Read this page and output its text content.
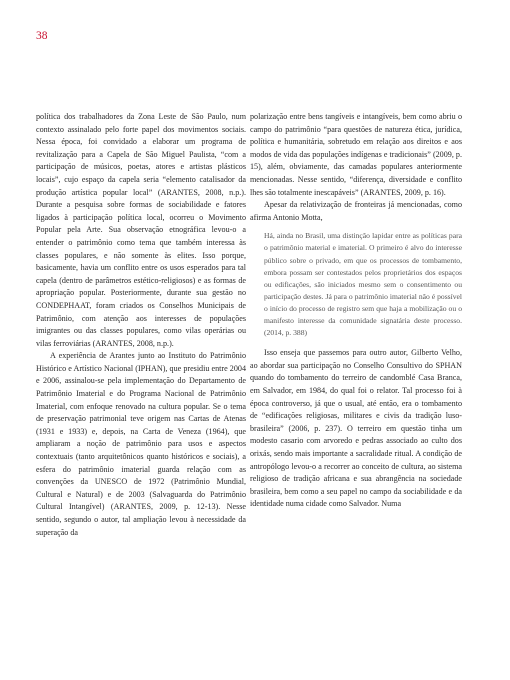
38

política dos trabalhadores da Zona Leste de São Paulo, num contexto assinalado pelo forte papel dos movimentos sociais. Nessa época, foi convidado a elaborar um programa de revitalização para a Capela de São Miguel Paulista, “com a participação de músicos, poetas, atores e artistas plásticos locais”, cujo espaço da capela seria “elemento catalisador da produção artística popular local” (ARANTES, 2008, n.p.). Durante a pesquisa sobre formas de sociabilidade e fatores ligados à participação política local, ocorreu o Movimento Popular pela Arte. Sua observação etnográfica levou-o a entender o patrimônio como tema que também interessa às classes populares, e não somente às elites. Isso porque, basicamente, havia um conflito entre os usos esperados para tal capela (dentro de parâmetros estético-religiosos) e as formas de apropriação popular. Posteriormente, durante sua gestão no CONDEPHAAT, foram criados os Conselhos Municipais de Patrimônio, com atenção aos interesses de populações imigrantes ou das classes populares, como vilas operárias ou vilas ferroviárias (ARANTES, 2008, n.p.).

A experiência de Arantes junto ao Instituto do Patrimônio Histórico e Artístico Nacional (IPHAN), que presidiu entre 2004 e 2006, assinalou-se pela implementação do Departamento de Patrimônio Imaterial e do Programa Nacional de Patrimônio Imaterial, com enfoque renovado na cultura popular. Se o tema de preservação patrimonial teve origem nas Cartas de Atenas (1931 e 1933) e, depois, na Carta de Veneza (1964), que ampliaram a noção de patrimônio para usos e aspectos contextuais (tanto arquitetônicos quanto históricos e sociais), a esfera do patrimônio imaterial guarda relação com as convenções da UNESCO de 1972 (Patrimônio Mundial, Cultural e Natural) e de 2003 (Salvaguarda do Patrimônio Cultural Intangível) (ARANTES, 2009, p. 12-13). Nesse sentido, segundo o autor, tal ampliação levou à necessidade da superação da

polarização entre bens tangíveis e intangíveis, bem como abriu o campo do patrimônio “para questões de natureza ética, jurídica, política e humanitária, sobretudo em relação aos direitos e aos modos de vida das populações indígenas e tradicionais” (2009, p. 15), além, obviamente, das camadas populares anteriormente mencionadas. Nesse sentido, “diferença, diversidade e conflito lhes são totalmente inescapáveis” (ARANTES, 2009, p. 16).

Apesar da relativização de fronteiras já mencionadas, como afirma Antonio Motta,

Há, ainda no Brasil, uma distinção lapidar entre as políticas para o patrimônio material e imaterial. O primeiro é alvo do interesse público sobre o privado, em que os processos de tombamento, embora possam ser contestados pelos proprietários dos espaços ou edificações, são iniciados mesmo sem o consentimento ou participação destes. Já para o patrimônio imaterial não é possível o início do processo de registro sem que haja a mobilização ou o manifesto interesse da comunidade signatária deste processo. (2014, p. 388)

Isso enseja que passemos para outro autor, Gilberto Velho, ao abordar sua participação no Conselho Consultivo do SPHAN quando do tombamento do terreiro de candomblé Casa Branca, em Salvador, em 1984, do qual foi o relator. Tal processo foi à época controverso, já que o usual, até então, era o tombamento de “edificações religiosas, militares e civis da tradição luso-brasileira” (2006, p. 237). O terreiro em questão tinha um modesto casario com arvoredo e pedras associado ao culto dos orixás, sendo mais importante a sacralidade ritual. A condição de antropólogo levou-o a recorrer ao conceito de cultura, ao sistema religioso de tradição africana e sua abrangência na sociedade brasileira, bem como a seu papel no campo da sociabilidade e da identidade numa cidade como Salvador. Numa
